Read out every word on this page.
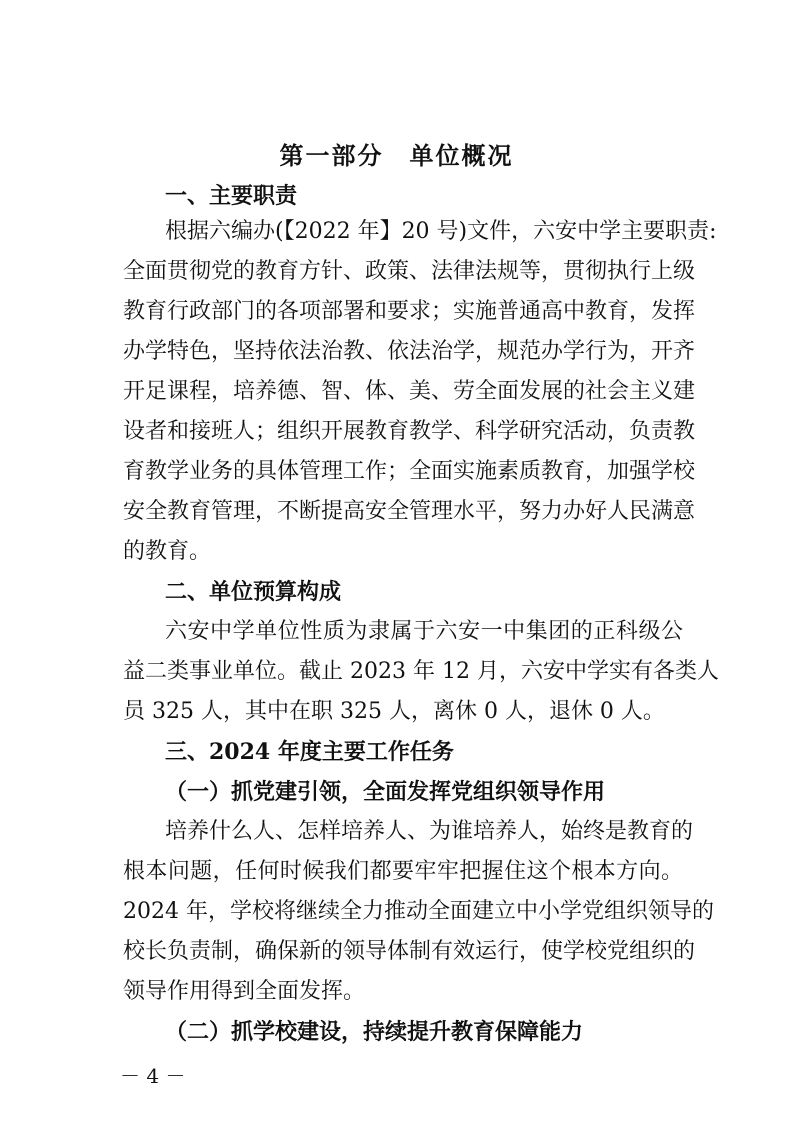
第一部分　单位概况
一、主要职责
根据六编办(【2022 年】20 号)文件，六安中学主要职责:
全面贯彻党的教育方针、政策、法律法规等，贯彻执行上级
教育行政部门的各项部署和要求；实施普通高中教育，发挥
办学特色，坚持依法治教、依法治学，规范办学行为，开齐
开足课程，培养德、智、体、美、劳全面发展的社会主义建
设者和接班人；组织开展教育教学、科学研究活动，负责教
育教学业务的具体管理工作；全面实施素质教育，加强学校
安全教育管理，不断提高安全管理水平，努力办好人民满意
的教育。
二、单位预算构成
六安中学单位性质为隶属于六安一中集团的正科级公
益二类事业单位。截止 2023 年 12 月，六安中学实有各类人
员 325 人，其中在职 325 人，离休 0 人，退休 0 人。
三、2024 年度主要工作任务
（一）抓党建引领，全面发挥党组织领导作用
培养什么人、怎样培养人、为谁培养人，始终是教育的
根本问题，任何时候我们都要牢牢把握住这个根本方向。
2024 年，学校将继续全力推动全面建立中小学党组织领导的
校长负责制，确保新的领导体制有效运行，使学校党组织的
领导作用得到全面发挥。
（二）抓学校建设，持续提升教育保障能力
－ 4 －
